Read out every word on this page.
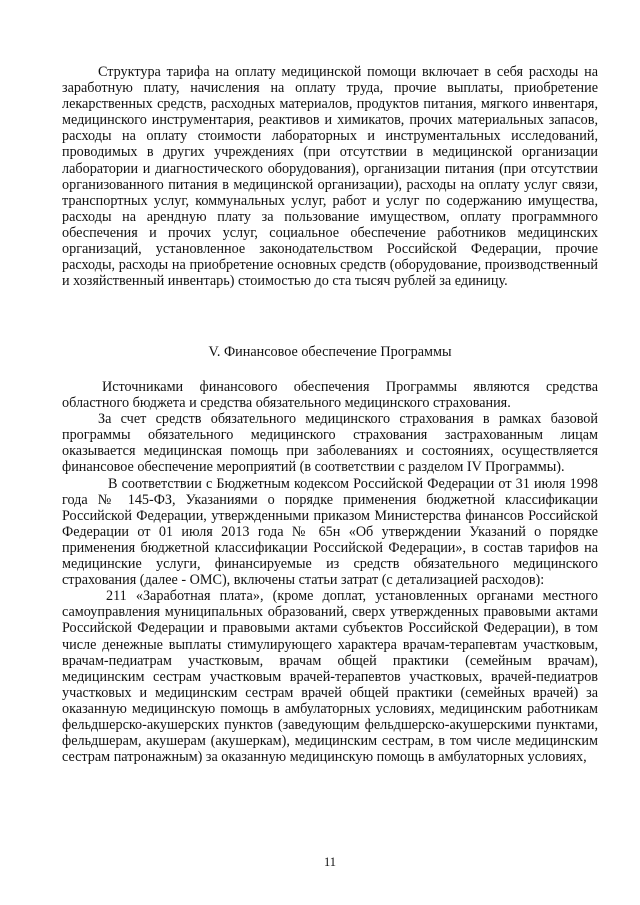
Структура тарифа на оплату медицинской помощи включает в себя расходы на заработную плату, начисления на оплату труда, прочие выплаты, приобретение лекарственных средств, расходных материалов, продуктов питания, мягкого инвентаря, медицинского инструментария, реактивов и химикатов, прочих материальных запасов, расходы на оплату стоимости лабораторных и инструментальных исследований, проводимых в других учреждениях (при отсутствии в медицинской организации лаборатории и диагностического оборудования), организации питания (при отсутствии организованного питания в медицинской организации), расходы на оплату услуг связи, транспортных услуг, коммунальных услуг, работ и услуг по содержанию имущества, расходы на арендную плату за пользование имуществом, оплату программного обеспечения и прочих услуг, социальное обеспечение работников медицинских организаций, установленное законодательством Российской Федерации, прочие расходы, расходы на приобретение основных средств (оборудование, производственный и хозяйственный инвентарь) стоимостью до ста тысяч рублей за единицу.

V. Финансовое обеспечение Программы

Источниками финансового обеспечения Программы являются средства областного бюджета и средства обязательного медицинского страхования.

За счет средств обязательного медицинского страхования в рамках базовой программы обязательного медицинского страхования застрахованным лицам оказывается медицинская помощь при заболеваниях и состояниях, осуществляется финансовое обеспечение мероприятий (в соответствии с разделом IV Программы).

В соответствии с Бюджетным кодексом Российской Федерации от 31 июля 1998 года № 145-ФЗ, Указаниями о порядке применения бюджетной классификации Российской Федерации, утвержденными приказом Министерства финансов Российской Федерации от 01 июля 2013 года № 65н «Об утверждении Указаний о порядке применения бюджетной классификации Российской Федерации», в состав тарифов на медицинские услуги, финансируемые из средств обязательного медицинского страхования (далее - ОМС), включены статьи затрат (с детализацией расходов):

211 «Заработная плата», (кроме доплат, установленных органами местного самоуправления муниципальных образований, сверх утвержденных правовыми актами Российской Федерации и правовыми актами субъектов Российской Федерации), в том числе денежные выплаты стимулирующего характера врачам-терапевтам участковым, врачам-педиатрам участковым, врачам общей практики (семейным врачам), медицинским сестрам участковым врачей-терапевтов участковых, врачей-педиатров участковых и медицинским сестрам врачей общей практики (семейных врачей) за оказанную медицинскую помощь в амбулаторных условиях, медицинским работникам фельдшерско-акушерских пунктов (заведующим фельдшерско-акушерскими пунктами, фельдшерам, акушерам (акушеркам), медицинским сестрам, в том числе медицинским сестрам патронажным) за оказанную медицинскую помощь в амбулаторных условиях,

11
